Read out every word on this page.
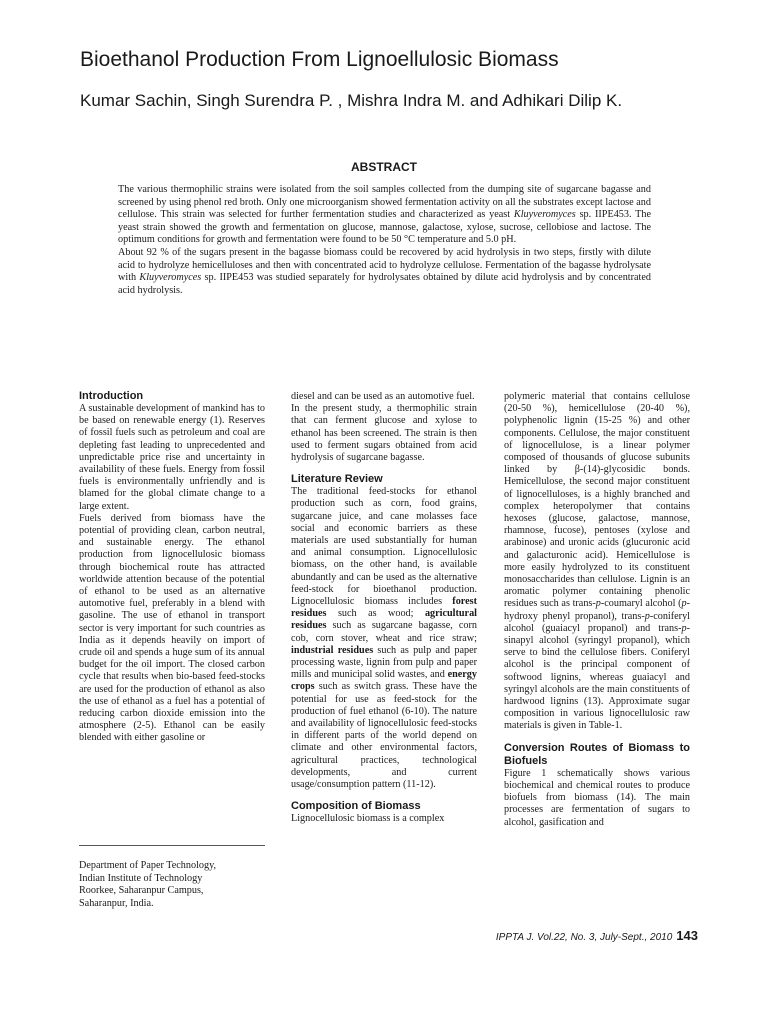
Bioethanol Production From Lignoellulosic Biomass
Kumar Sachin, Singh Surendra P. , Mishra Indra M. and Adhikari Dilip K.
ABSTRACT

The various thermophilic strains were isolated from the soil samples collected from the dumping site of sugarcane bagasse and screened by using phenol red broth. Only one microorganism showed fermentation activity on all the substrates except lactose and cellulose. This strain was selected for further fermentation studies and characterized as yeast Kluyveromyces sp. IIPE453. The yeast strain showed the growth and fermentation on glucose, mannose, galactose, xylose, sucrose, cellobiose and lactose. The optimum conditions for growth and fermentation were found to be 50 °C temperature and 5.0 pH.

About 92 % of the sugars present in the bagasse biomass could be recovered by acid hydrolysis in two steps, firstly with dilute acid to hydrolyze hemicelluloses and then with concentrated acid to hydrolyze cellulose. Fermentation of the bagasse hydrolysate with Kluyveromyces sp. IIPE453 was studied separately for hydrolysates obtained by dilute acid hydrolysis and by concentrated acid hydrolysis.

Introduction

A sustainable development of mankind has to be based on renewable energy (1). Reserves of fossil fuels such as petroleum and coal are depleting fast leading to unprecedented and unpredictable price rise and uncertainty in availability of these fuels. Energy from fossil fuels is environmentally unfriendly and is blamed for the global climate change to a large extent.

Fuels derived from biomass have the potential of providing clean, carbon neutral, and sustainable energy. The ethanol production from lignocellulosic biomass through biochemical route has attracted worldwide attention because of the potential of ethanol to be used as an alternative automotive fuel, preferably in a blend with gasoline. The use of ethanol in transport sector is very important for such countries as India as it depends heavily on import of crude oil and spends a huge sum of its annual budget for the oil import. The closed carbon cycle that results when bio-based feed-stocks are used for the production of ethanol as also the use of ethanol as a fuel has a potential of reducing carbon dioxide emission into the atmosphere (2-5). Ethanol can be easily blended with either gasoline or

Department of Paper Technology,
Indian Institute of Technology
Roorkee, Saharanpur Campus,
Saharanpur, India.

diesel and can be used as an automotive fuel.

In the present study, a thermophilic strain that can ferment glucose and xylose to ethanol has been screened. The strain is then used to ferment sugars obtained from acid hydrolysis of sugarcane bagasse.

Literature Review

The traditional feed-stocks for ethanol production such as corn, food grains, sugarcane juice, and cane molasses face social and economic barriers as these materials are used substantially for human and animal consumption. Lignocellulosic biomass, on the other hand, is available abundantly and can be used as the alternative feed-stock for bioethanol production. Lignocellulosic biomass includes forest residues such as wood; agricultural residues such as sugarcane bagasse, corn cob, corn stover, wheat and rice straw; industrial residues such as pulp and paper processing waste, lignin from pulp and paper mills and municipal solid wastes, and energy crops such as switch grass. These have the potential for use as feed-stock for the production of fuel ethanol (6-10). The nature and availability of lignocellulosic feed-stocks in different parts of the world depend on climate and other environmental factors, agricultural practices, technological developments, and current usage/consumption pattern (11-12).

Composition of Biomass

Lignocellulosic biomass is a complex

polymeric material that contains cellulose (20-50 %), hemicellulose (20-40 %), polyphenolic lignin (15-25 %) and other components. Cellulose, the major constituent of lignocellulose, is a linear polymer composed of thousands of glucose subunits linked by β-(14)-glycosidic bonds. Hemicellulose, the second major constituent of lignocelluloses, is a highly branched and complex heteropolymer that contains hexoses (glucose, galactose, mannose, rhamnose, fucose), pentoses (xylose and arabinose) and uronic acids (glucuronic acid and galacturonic acid). Hemicellulose is more easily hydrolyzed to its constituent monosaccharides than cellulose. Lignin is an aromatic polymer containing phenolic residues such as trans-p-coumaryl alcohol (p-hydroxy phenyl propanol), trans-p-coniferyl alcohol (guaiacyl propanol) and trans-p-sinapyl alcohol (syringyl propanol), which serve to bind the cellulose fibers. Coniferyl alcohol is the principal component of softwood lignins, whereas guaiacyl and syringyl alcohols are the main constituents of hardwood lignins (13). Approximate sugar composition in various lignocellulosic raw materials is given in Table-1.

Conversion Routes of Biomass to Biofuels

Figure 1 schematically shows various biochemical and chemical routes to produce biofuels from biomass (14). The main processes are fermentation of sugars to alcohol, gasification and

IPPTA J. Vol.22, No. 3, July-Sept., 2010 143
